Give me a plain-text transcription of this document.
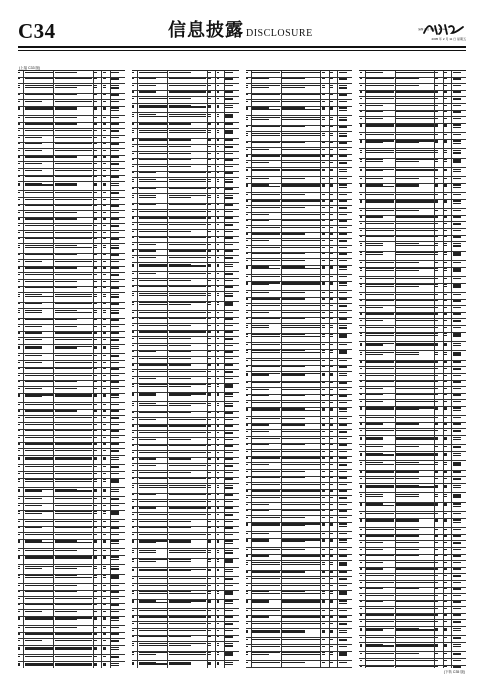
C34	信息披露 DISCLOSURE	编辑 责任 电话 ... E-mail ...
2005 年 2 月 11 日 星期五
(上接 C33 版)
(下转 C35 版)
